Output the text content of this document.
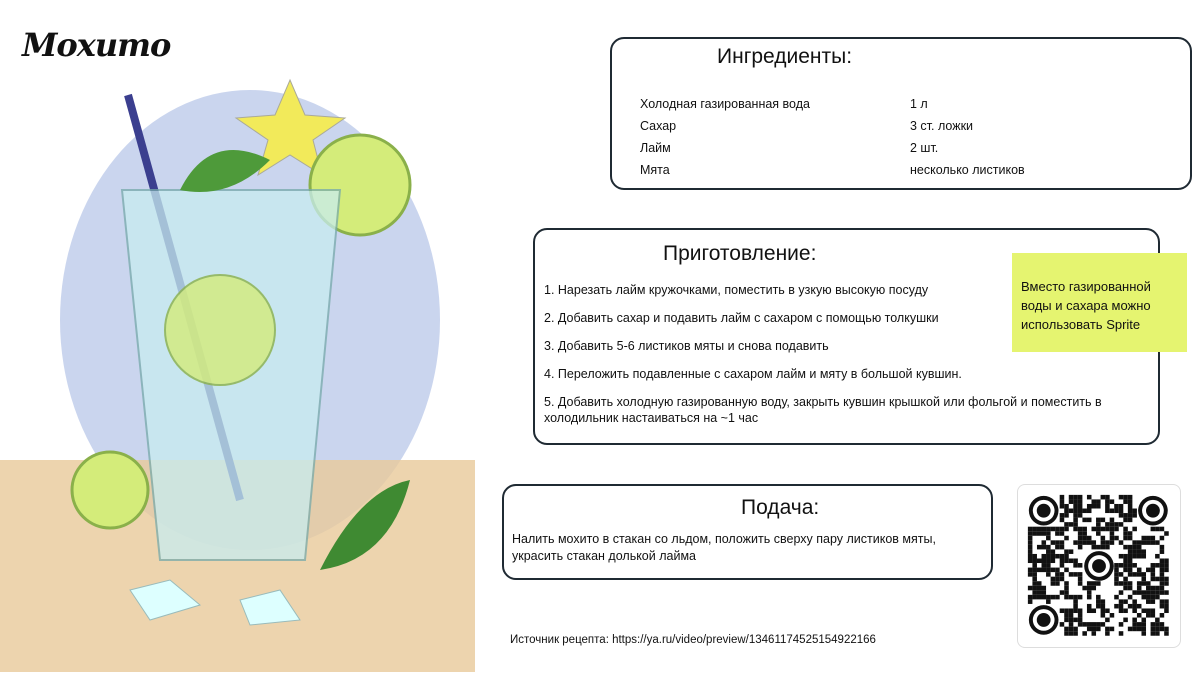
Мохито	Ингредиенты:
Холодная газированная вода	1 л
Сахар	3 ст. ложки
Лайм	2 шт.
Мята	несколько листиков
Приготовление:
1. Нарезать лайм кружочками, поместить в узкую высокую посуду
2. Добавить сахар и подавить лайм с сахаром с помощью толкушки
3. Добавить 5-6 листиков мяты и снова подавить
4. Переложить подавленные с сахаром лайм и мяту в большой кувшин.
5. Добавить холодную газированную воду, закрыть кувшин крышкой или фольгой и поместить в холодильник настаиваться на ~1 час
Вместо газированной воды и сахара можно использовать Sprite
Подача:

Налить мохито в стакан со льдом, положить сверху пару листиков мяты, украсить стакан долькой лайма

Источник рецепта: https://ya.ru/video/preview/13461174525154922166
